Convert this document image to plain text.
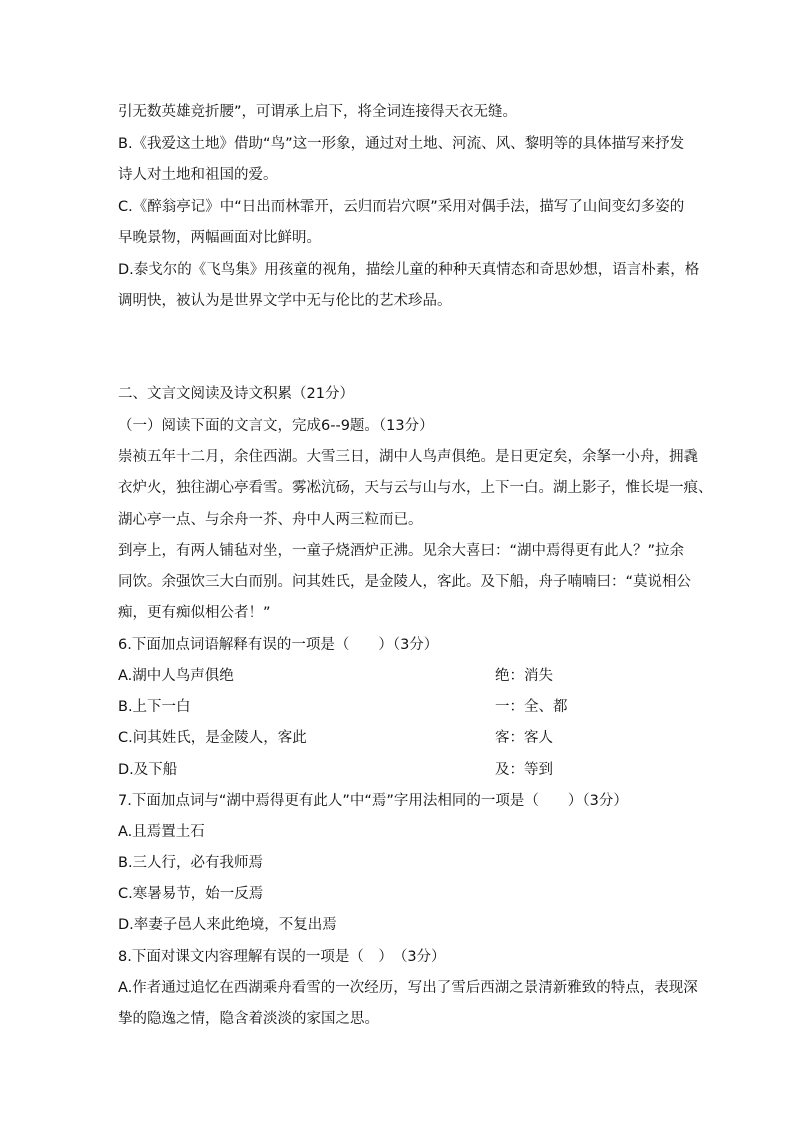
引无数英雄竞折腰”，可谓承上启下，将全词连接得天衣无缝。
B.《我爱这土地》借助“鸟”这一形象，通过对土地、河流、风、黎明等的具体描写来抒发
诗人对土地和祖国的爱。
C.《醉翁亭记》中“日出而林霏开，云归而岩穴暝”采用对偶手法，描写了山间变幻多姿的
早晚景物，两幅画面对比鲜明。
D.泰戈尔的《飞鸟集》用孩童的视角，描绘儿童的种种天真情态和奇思妙想，语言朴素，格
调明快，被认为是世界文学中无与伦比的艺术珍品。
二、文言文阅读及诗文积累（21分）
（一）阅读下面的文言文，完成6--9题。（13分）
崇祯五年十二月，余住西湖。大雪三日，湖中人鸟声俱绝。是日更定矣，余拏一小舟，拥毳
衣炉火，独往湖心亭看雪。雾凇沆砀，天与云与山与水，上下一白。湖上影子，惟长堤一痕、
湖心亭一点、与余舟一芥、舟中人两三粒而已。
到亭上，有两人铺毡对坐，一童子烧酒炉正沸。见余大喜曰：“湖中焉得更有此人？”拉余
同饮。余强饮三大白而别。问其姓氏，是金陵人，客此。及下船，舟子喃喃曰：“莫说相公
痴，更有痴似相公者！”
6.下面加点词语解释有误的一项是（　　）（3分）
A.湖中人鸟声俱绝	绝：消失
B.上下一白	一：全、都
C.问其姓氏，是金陵人，客此	客：客人
D.及下船	及：等到
7.下面加点词与“湖中焉得更有此人”中“焉”字用法相同的一项是（　　）（3分）
A.且焉置土石
B.三人行，必有我师焉
C.寒暑易节，始一反焉
D.率妻子邑人来此绝境，不复出焉
8.下面对课文内容理解有误的一项是（　）　（3分）
A.作者通过追忆在西湖乘舟看雪的一次经历，写出了雪后西湖之景清新雅致的特点，表现深
挚的隐逸之情，隐含着淡淡的家国之思。
